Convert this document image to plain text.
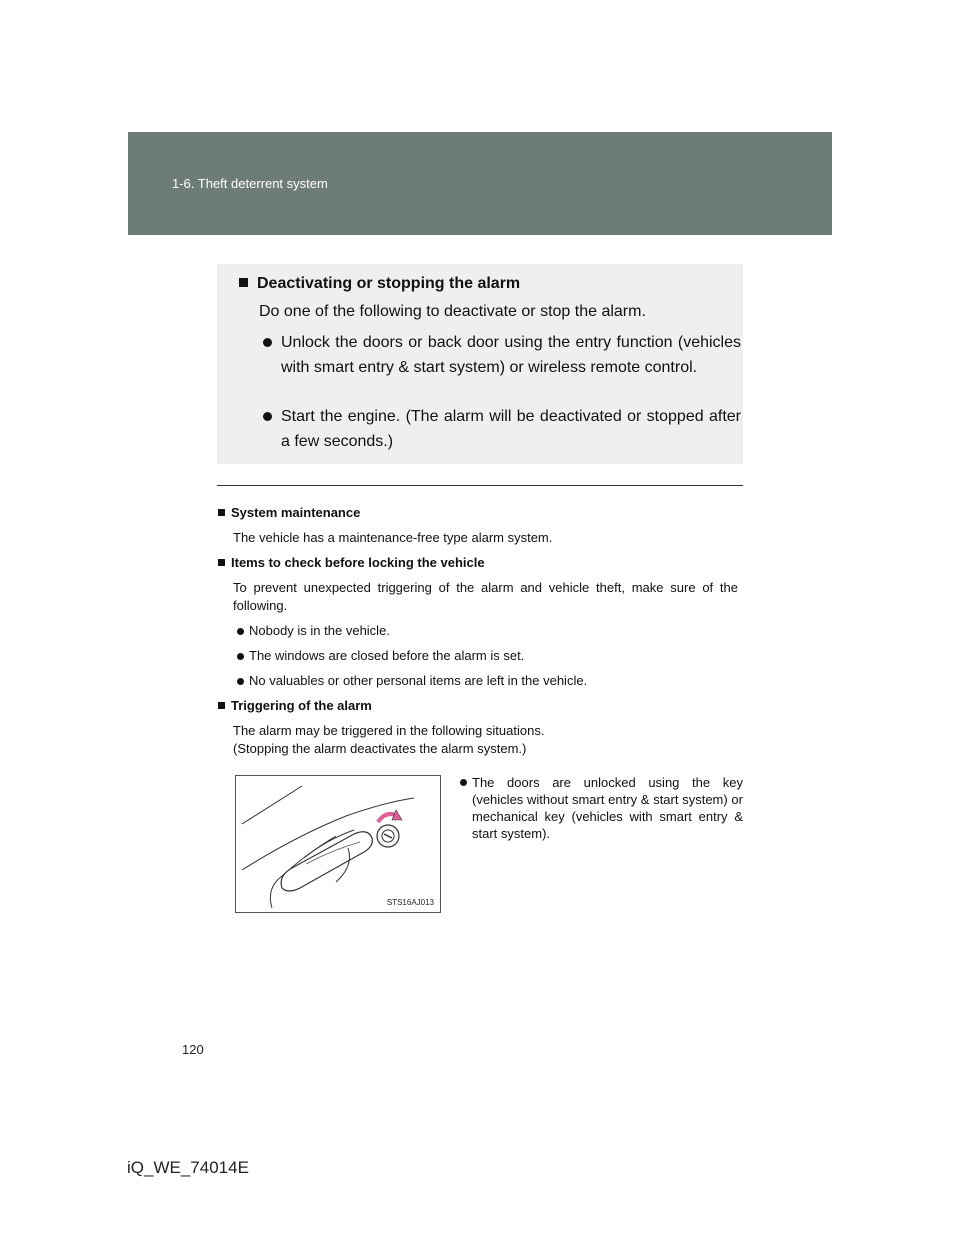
1-6. Theft deterrent system
Deactivating or stopping the alarm
Do one of the following to deactivate or stop the alarm.
Unlock the doors or back door using the entry function (vehicles with smart entry & start system) or wireless remote control.
Start the engine. (The alarm will be deactivated or stopped after a few seconds.)
System maintenance
The vehicle has a maintenance-free type alarm system.
Items to check before locking the vehicle
To prevent unexpected triggering of the alarm and vehicle theft, make sure of the following.
Nobody is in the vehicle.
The windows are closed before the alarm is set.
No valuables or other personal items are left in the vehicle.
Triggering of the alarm
The alarm may be triggered in the following situations.
(Stopping the alarm deactivates the alarm system.)
STS16AJ013
The doors are unlocked using the key (vehicles without smart entry & start system) or mechanical key (vehicles with smart entry & start system).
120
iQ_WE_74014E
